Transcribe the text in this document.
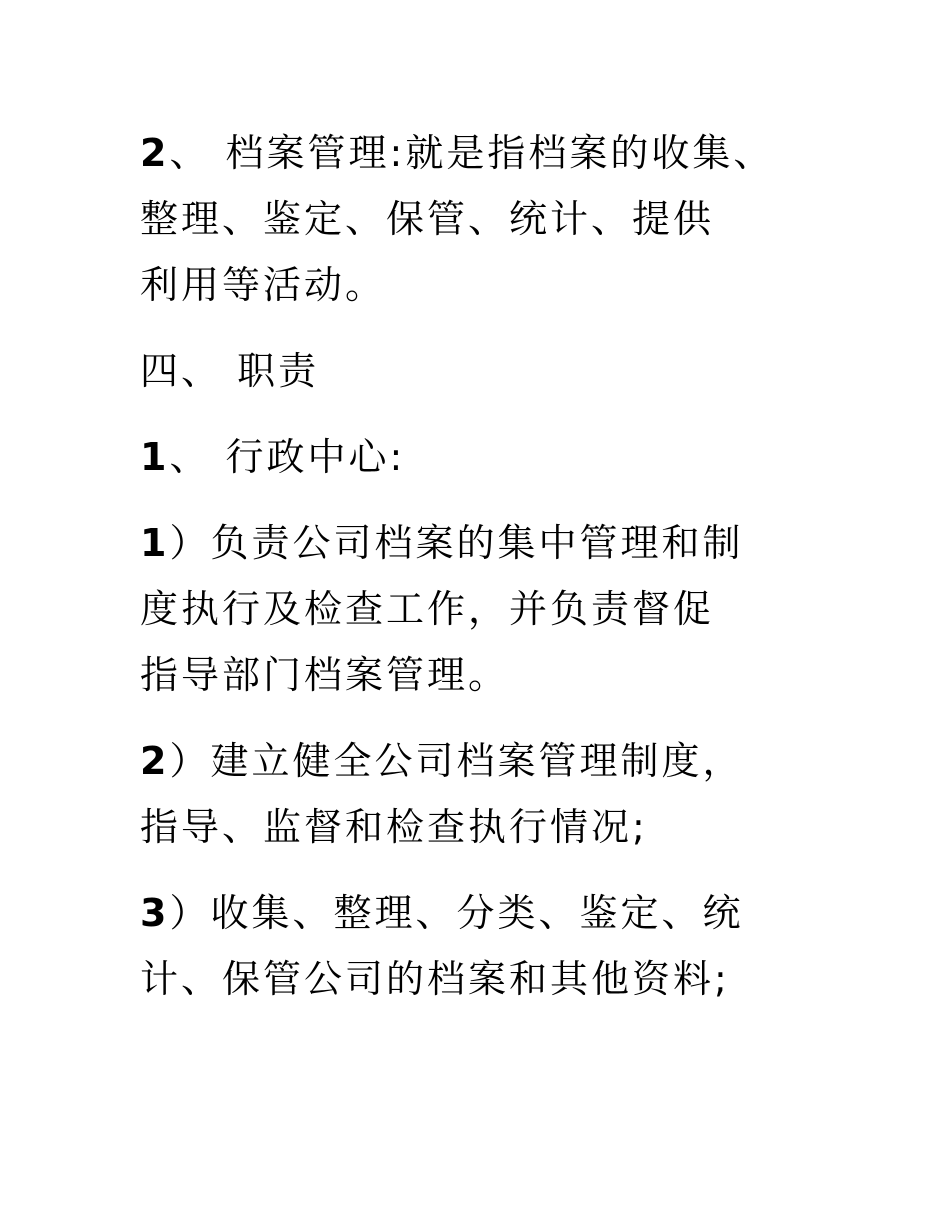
2、 档案管理:就是指档案的收集、
整理、鉴定、保管、统计、提供
利用等活动。
四、 职责
1、 行政中心:
1）负责公司档案的集中管理和制
度执行及检查工作，并负责督促
指导部门档案管理。
2）建立健全公司档案管理制度，
指导、监督和检查执行情况;
3）收集、整理、分类、鉴定、统
计、保管公司的档案和其他资料;
